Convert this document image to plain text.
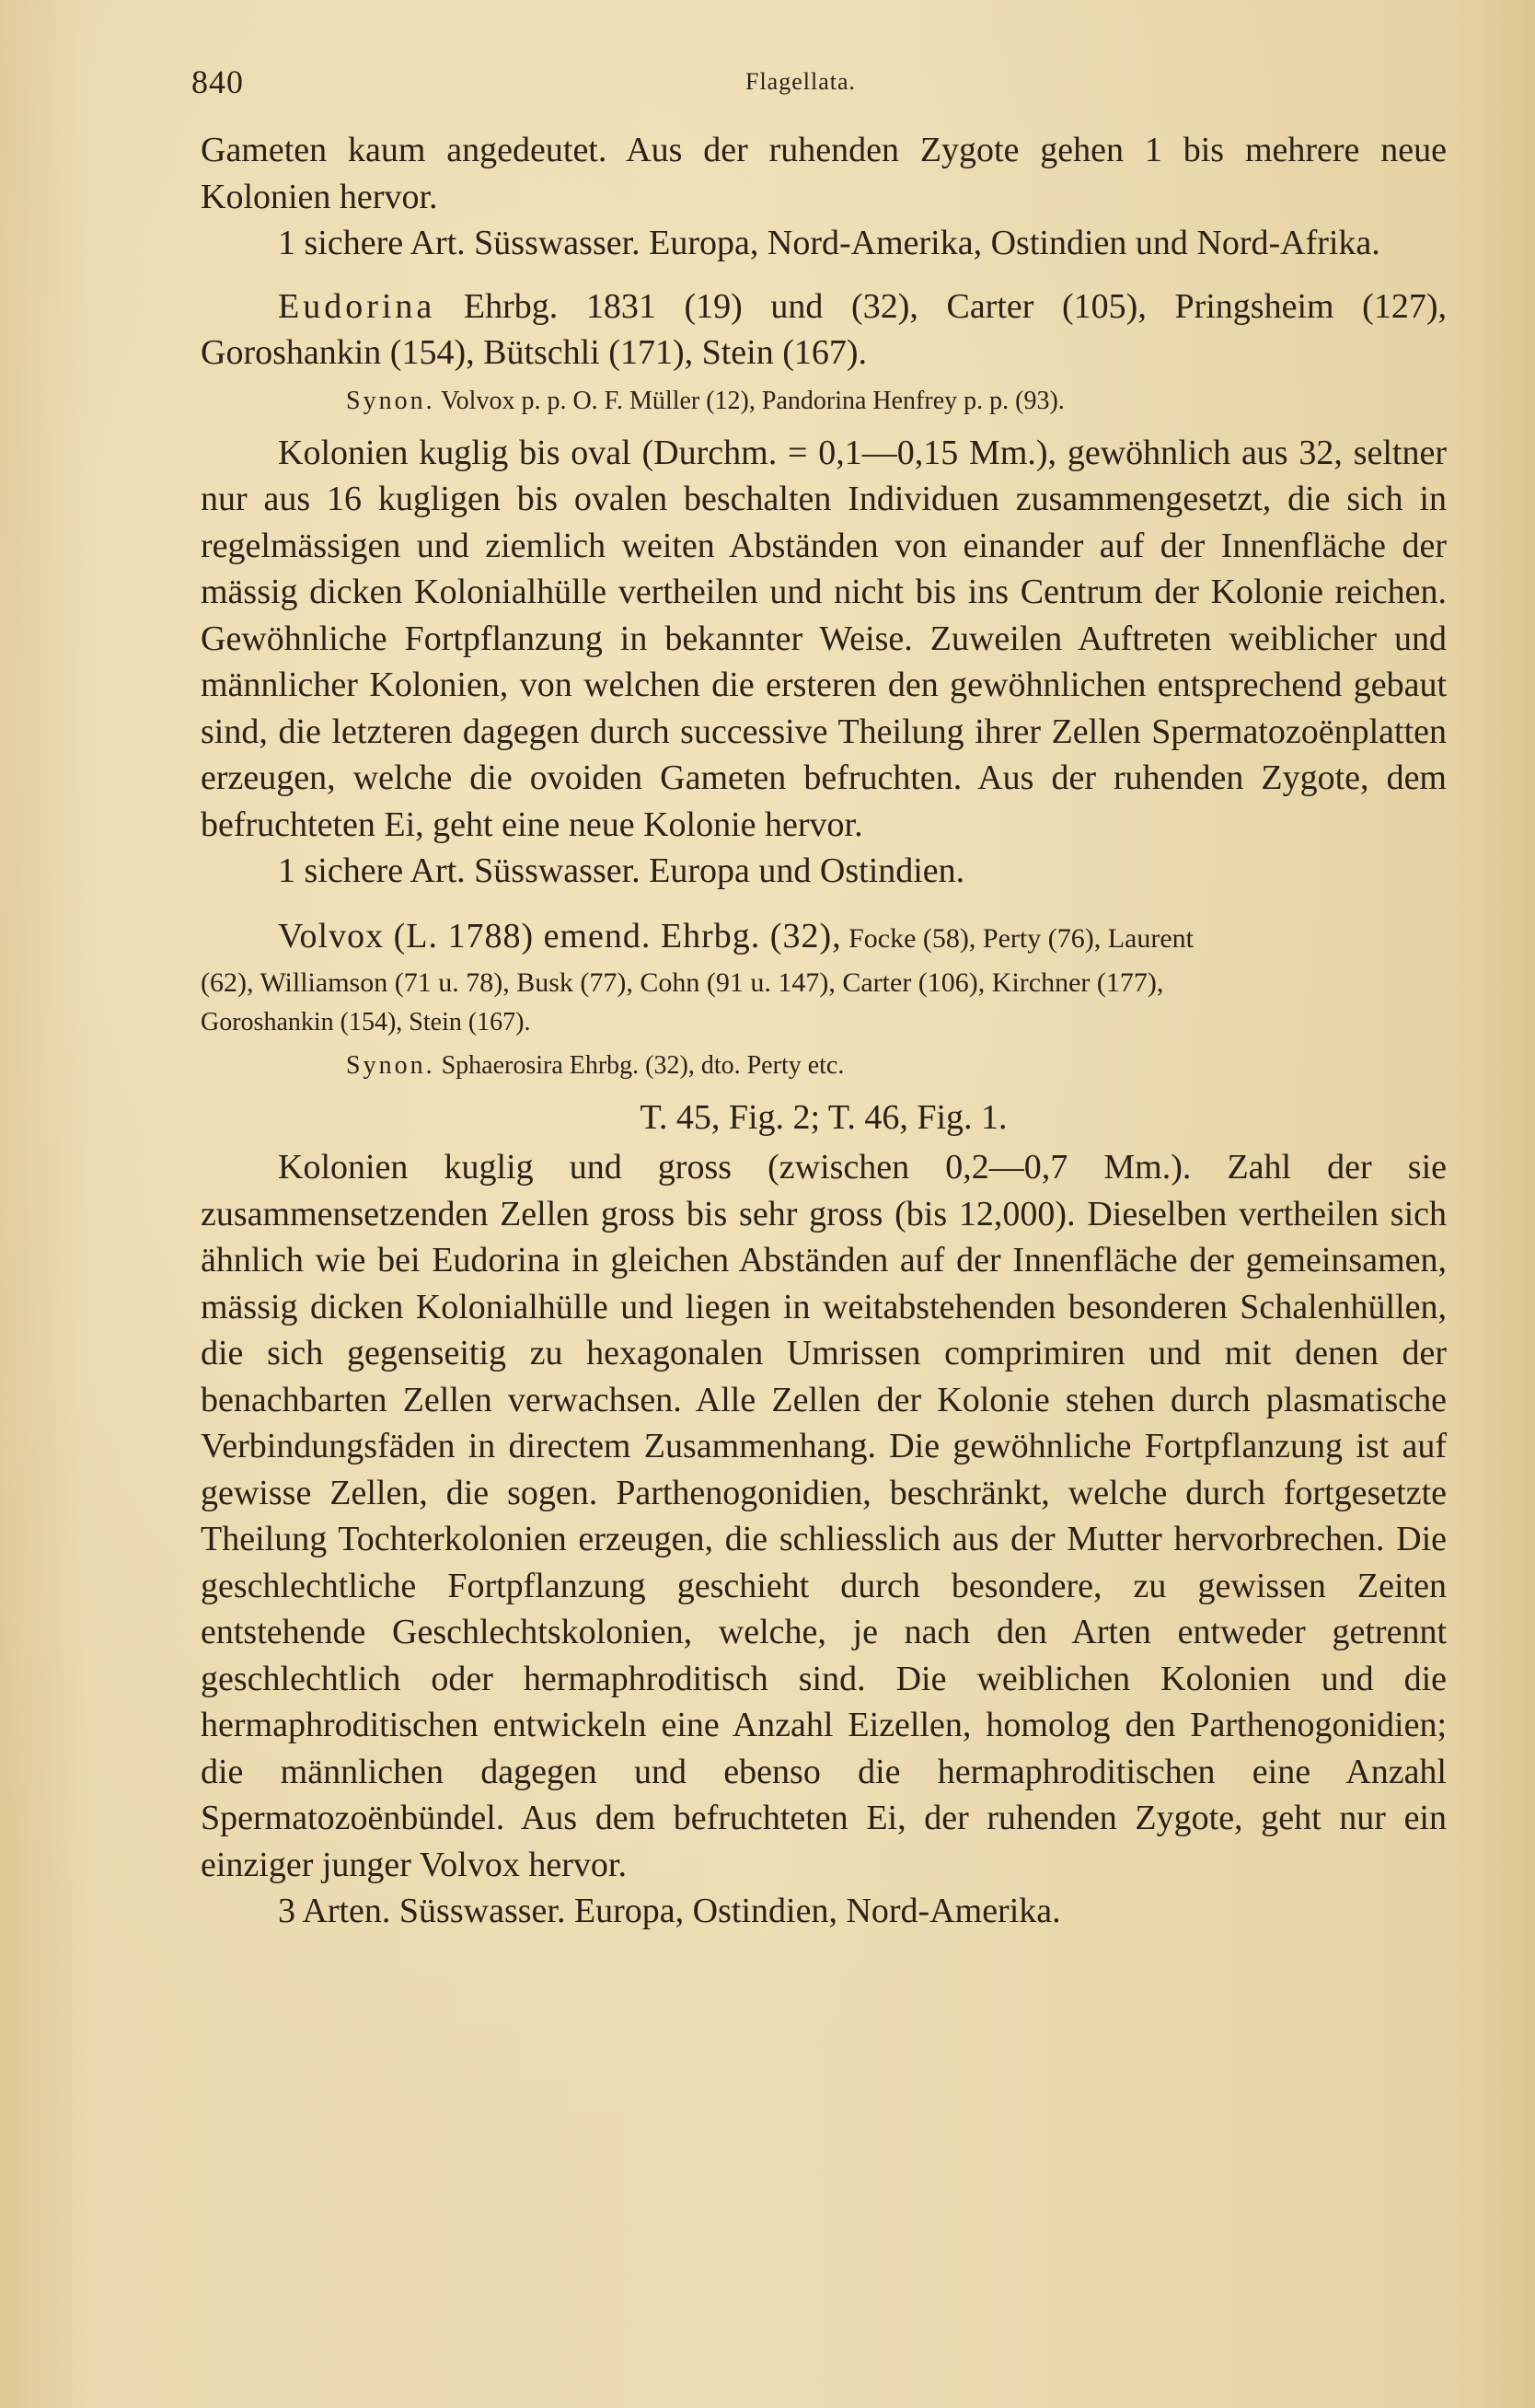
840	Flagellata.

Gameten kaum angedeutet. Aus der ruhenden Zygote gehen 1 bis mehrere neue Kolonien hervor.

1 sichere Art. Süsswasser. Europa, Nord-Amerika, Ostindien und Nord-Afrika.

Eudorina Ehrbg. 1831 (19) und (32), Carter (105), Pringsheim (127), Goroshankin (154), Bütschli (171), Stein (167).

Synon. Volvox p. p. O. F. Müller (12), Pandorina Henfrey p. p. (93).

Kolonien kuglig bis oval (Durchm. = 0,1—0,15 Mm.), gewöhnlich aus 32, seltner nur aus 16 kugligen bis ovalen beschalten Individuen zusammengesetzt, die sich in regelmässigen und ziemlich weiten Abständen von einander auf der Innenfläche der mässig dicken Kolonialhülle vertheilen und nicht bis ins Centrum der Kolonie reichen. Gewöhnliche Fortpflanzung in bekannter Weise. Zuweilen Auftreten weiblicher und männlicher Kolonien, von welchen die ersteren den gewöhnlichen entsprechend gebaut sind, die letzteren dagegen durch successive Theilung ihrer Zellen Spermatozoënplatten erzeugen, welche die ovoiden Gameten befruchten. Aus der ruhenden Zygote, dem befruchteten Ei, geht eine neue Kolonie hervor.

1 sichere Art. Süsswasser. Europa und Ostindien.

Volvox (L. 1788) emend. Ehrbg. (32), Focke (58), Perty (76), Laurent

(62), Williamson (71 u. 78), Busk (77), Cohn (91 u. 147), Carter (106), Kirchner (177),

Goroshankin (154), Stein (167).

Synon. Sphaerosira Ehrbg. (32), dto. Perty etc.

T. 45, Fig. 2; T. 46, Fig. 1.

Kolonien kuglig und gross (zwischen 0,2—0,7 Mm.). Zahl der sie zusammensetzenden Zellen gross bis sehr gross (bis 12,000). Dieselben vertheilen sich ähnlich wie bei Eudorina in gleichen Abständen auf der Innenfläche der gemeinsamen, mässig dicken Kolonialhülle und liegen in weitabstehenden besonderen Schalenhüllen, die sich gegenseitig zu hexagonalen Umrissen comprimiren und mit denen der benachbarten Zellen verwachsen. Alle Zellen der Kolonie stehen durch plasmatische Verbindungsfäden in directem Zusammenhang. Die gewöhnliche Fortpflanzung ist auf gewisse Zellen, die sogen. Parthenogonidien, beschränkt, welche durch fortgesetzte Theilung Tochterkolonien erzeugen, die schliesslich aus der Mutter hervorbrechen. Die geschlechtliche Fortpflanzung geschieht durch besondere, zu gewissen Zeiten entstehende Geschlechtskolonien, welche, je nach den Arten entweder getrennt geschlechtlich oder hermaphroditisch sind. Die weiblichen Kolonien und die hermaphroditischen entwickeln eine Anzahl Eizellen, homolog den Parthenogonidien; die männlichen dagegen und ebenso die hermaphroditischen eine Anzahl Spermatozoënbündel. Aus dem befruchteten Ei, der ruhenden Zygote, geht nur ein einziger junger Volvox hervor.

3 Arten. Süsswasser. Europa, Ostindien, Nord-Amerika.
